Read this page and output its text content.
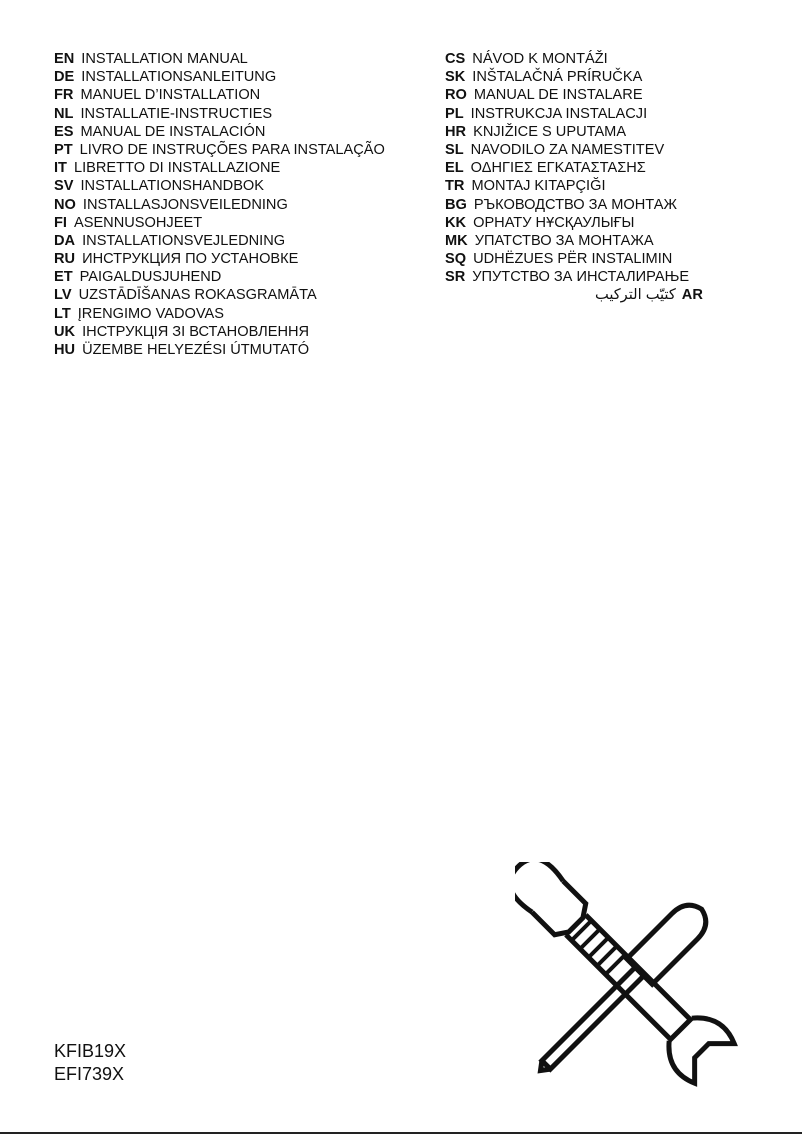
EN INSTALLATION MANUAL
DE INSTALLATIONSANLEITUNG
FR MANUEL D’INSTALLATION
NL INSTALLATIE-INSTRUCTIES
ES MANUAL DE INSTALACIÓN
PT LIVRO DE INSTRUÇÕES PARA INSTALAÇÃO
IT LIBRETTO DI INSTALLAZIONE
SV INSTALLATIONSHANDBOK
NO INSTALLASJONSVEILEDNING
FI ASENNUSOHJEET
DA INSTALLATIONSVEJLEDNING
RU ИНСТРУКЦИЯ ПО УСТАНОВКЕ
ET PAIGALDUSJUHEND
LV UZSTĀDĪŠANAS ROKASGRAMĀTA
LT ĮRENGIMO VADOVAS
UK ІНСТРУКЦІЯ ЗІ ВСТАНОВЛЕННЯ
HU ÜZEMBE HELYEZÉSI ÚTMUTATÓ
CS NÁVOD K MONTÁŽI
SK INŠTALAČNÁ PRÍRUČKA
RO MANUAL DE INSTALARE
PL INSTRUKCJA INSTALACJI
HR KNJIŽICE S UPUTAMA
SL NAVODILO ZA NAMESTITEV
EL ΟΔΗΓΙΕΣ ΕΓΚΑΤΑΣΤΑΣΗΣ
TR MONTAJ KITAPÇIĞI
BG РЪКОВОДСТВО ЗА МОНТАЖ
KK ОРНАТУ НҰСҚАУЛЫҒЫ
MK УПАТСТВО ЗА МОНТАЖА
SQ UDHËZUES PËR INSTALIMIN
SR УПУТСТВО ЗА ИНСТАЛИРАЊЕ
كتيّب التركيب AR
KFIB19X
EFI739X
